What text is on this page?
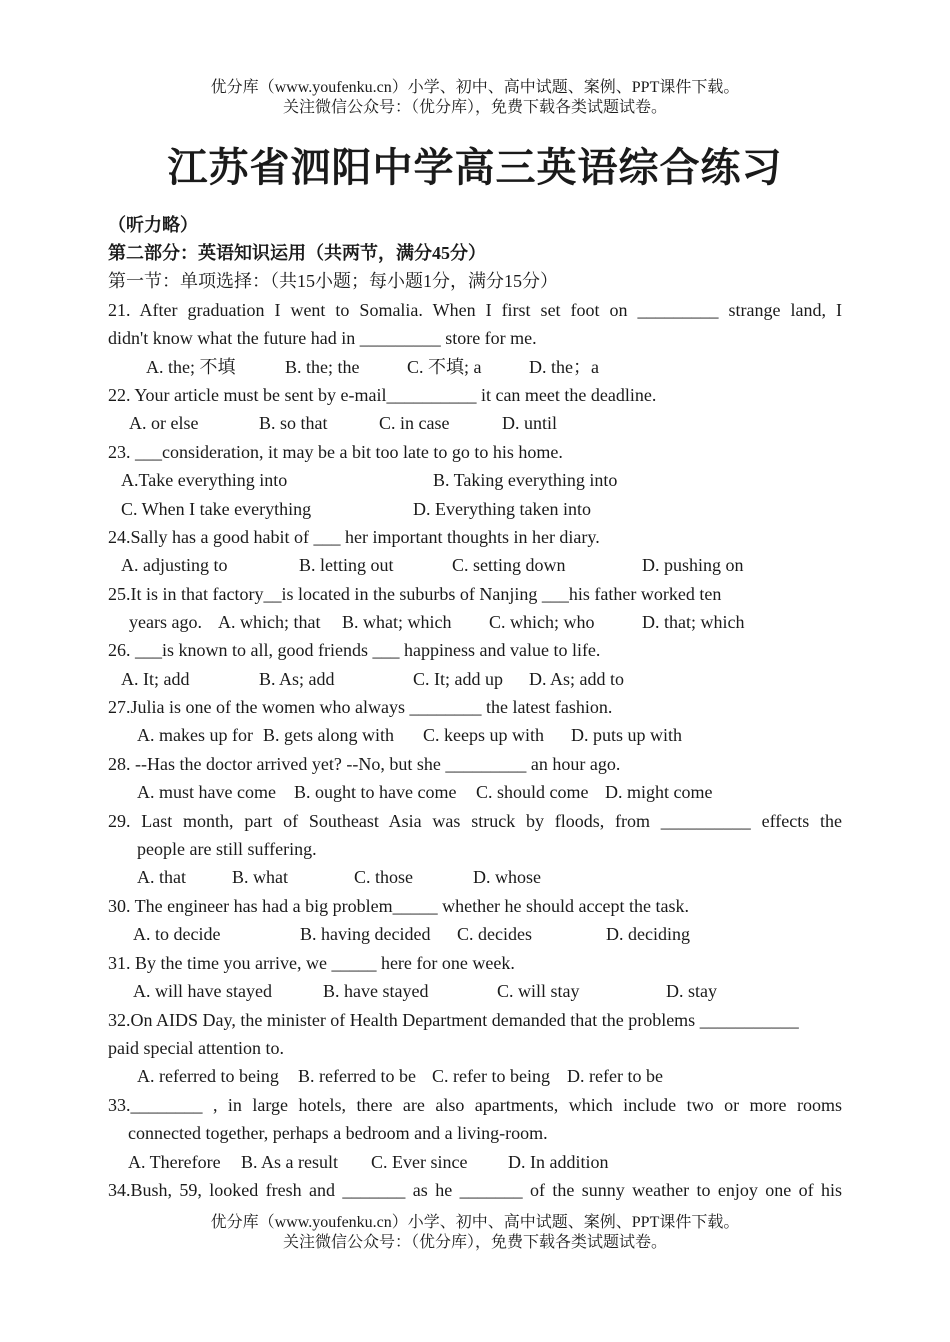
优分库（www.youfenku.cn）小学、初中、高中试题、案例、PPT课件下载。
关注微信公众号：（优分库），免费下载各类试题试卷。
江苏省泗阳中学高三英语综合练习
（听力略）
第二部分：英语知识运用（共两节，满分45分）
第一节：单项选择：（共15小题；每小题1分，满分15分）
21. After graduation I went to Somalia. When I first set foot on _________ strange land, I
didn't know what the future had in _________ store for me.
A. the; 不填	B. the; the	C. 不填; a	D. the；a
22. Your article must be sent by e-mail__________ it can meet the deadline.
A. or else	B. so that	C. in case	D. until
23. ___consideration, it may be a bit too late to go to his home.
A.Take everything into	B. Taking everything into
C. When I take everything	D. Everything taken into
24.Sally has a good habit of ___ her important thoughts in her diary.
A. adjusting to	B. letting out	C. setting down	D. pushing on
25.It is in that factory__is located in the suburbs of Nanjing ___his father worked ten
years ago. A. which; that B. what; which C. which; who	D. that; which
26. ___is known to all, good friends ___ happiness and value to life.
A. It; add	B. As; add	C. It; add up D. As; add to
27.Julia is one of the women who always ________ the latest fashion.
A. makes up for B. gets along with C. keeps up with D. puts up with
28. --Has the doctor arrived yet? --No, but she _________ an hour ago.
A. must have come B. ought to have come C. should come D. might come
29. Last month, part of Southeast Asia was struck by floods, from __________ effects the
people are still suffering.
A. that	B. what	C. those	D. whose
30. The engineer has had a big problem_____ whether he should accept the task.
A. to decide	B. having decided C. decides	D. deciding
31. By the time you arrive, we _____ here for one week.
A. will have stayed	B. have stayed	C. will stay	D. stay
32.On AIDS Day, the minister of Health Department demanded that the problems ___________
paid special attention to.
A. referred to being B. referred to be C. refer to being D. refer to be
33.________ , in large hotels, there are also apartments, which include two or more rooms
connected together, perhaps a bedroom and a living-room.
A. Therefore B. As a result C. Ever since D. In addition
34.Bush, 59, looked fresh and _______ as he _______ of the sunny weather to enjoy one of his
优分库（www.youfenku.cn）小学、初中、高中试题、案例、PPT课件下载。
关注微信公众号：（优分库），免费下载各类试题试卷。
